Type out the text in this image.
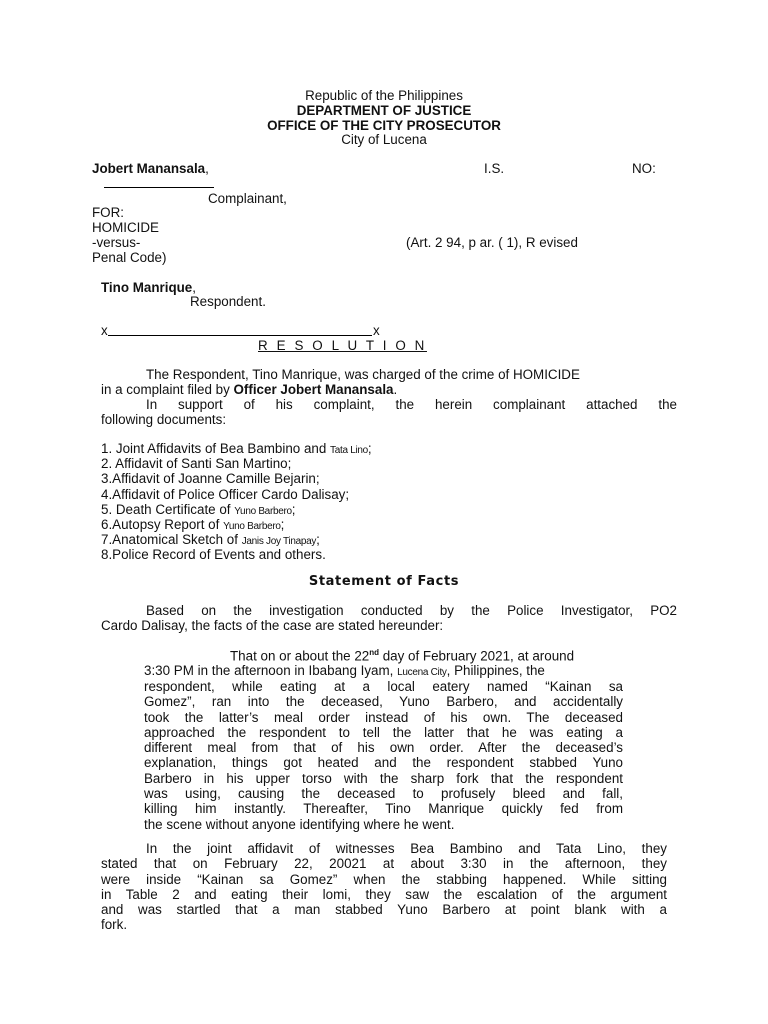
Republic of the Philippines
DEPARTMENT OF JUSTICE
OFFICE OF THE CITY PROSECUTOR
City of Lucena
Jobert Manansala,	I.S.	NO:
Complainant,
FOR:
HOMICIDE
-versus-	(Art. 2 94, p ar. ( 1), R evised
Penal Code)
Tino Manrique,
Respondent.
x	x
R E S O L U T I O N
The Respondent, Tino Manrique, was charged of the crime of HOMICIDE
in a complaint filed by Officer Jobert Manansala.
In support of his complaint, the herein complainant attached the
following documents:
1. Joint Affidavits of Bea Bambino and Tata Lino;
2. Affidavit of Santi San Martino;
3.Affidavit of Joanne Camille Bejarin;
4.Affidavit of Police Officer Cardo Dalisay;
5. Death Certificate of Yuno Barbero;
6.Autopsy Report of Yuno Barbero;
7.Anatomical Sketch of Janis Joy Tinapay;
8.Police Record of Events and others.
Statement of Facts
Based on the investigation conducted by the Police Investigator, PO2
Cardo Dalisay, the facts of the case are stated hereunder:
That on or about the 22nd day of February 2021, at around
3:30 PM in the afternoon in Ibabang Iyam, Lucena City, Philippines, the
respondent, while eating at a local eatery named “Kainan sa
Gomez”, ran into the deceased, Yuno Barbero, and accidentally
took the latter’s meal order instead of his own. The deceased
approached the respondent to tell the latter that he was eating a
different meal from that of his own order. After the deceased’s
explanation, things got heated and the respondent stabbed Yuno
Barbero in his upper torso with the sharp fork that the respondent
was using, causing the deceased to profusely bleed and fall,
killing him instantly. Thereafter, Tino Manrique quickly fed from
the scene without anyone identifying where he went.
In the joint affidavit of witnesses Bea Bambino and Tata Lino, they
stated that on February 22, 20021 at about 3:30 in the afternoon, they
were inside “Kainan sa Gomez” when the stabbing happened. While sitting
in Table 2 and eating their lomi, they saw the escalation of the argument
and was startled that a man stabbed Yuno Barbero at point blank with a
fork.
